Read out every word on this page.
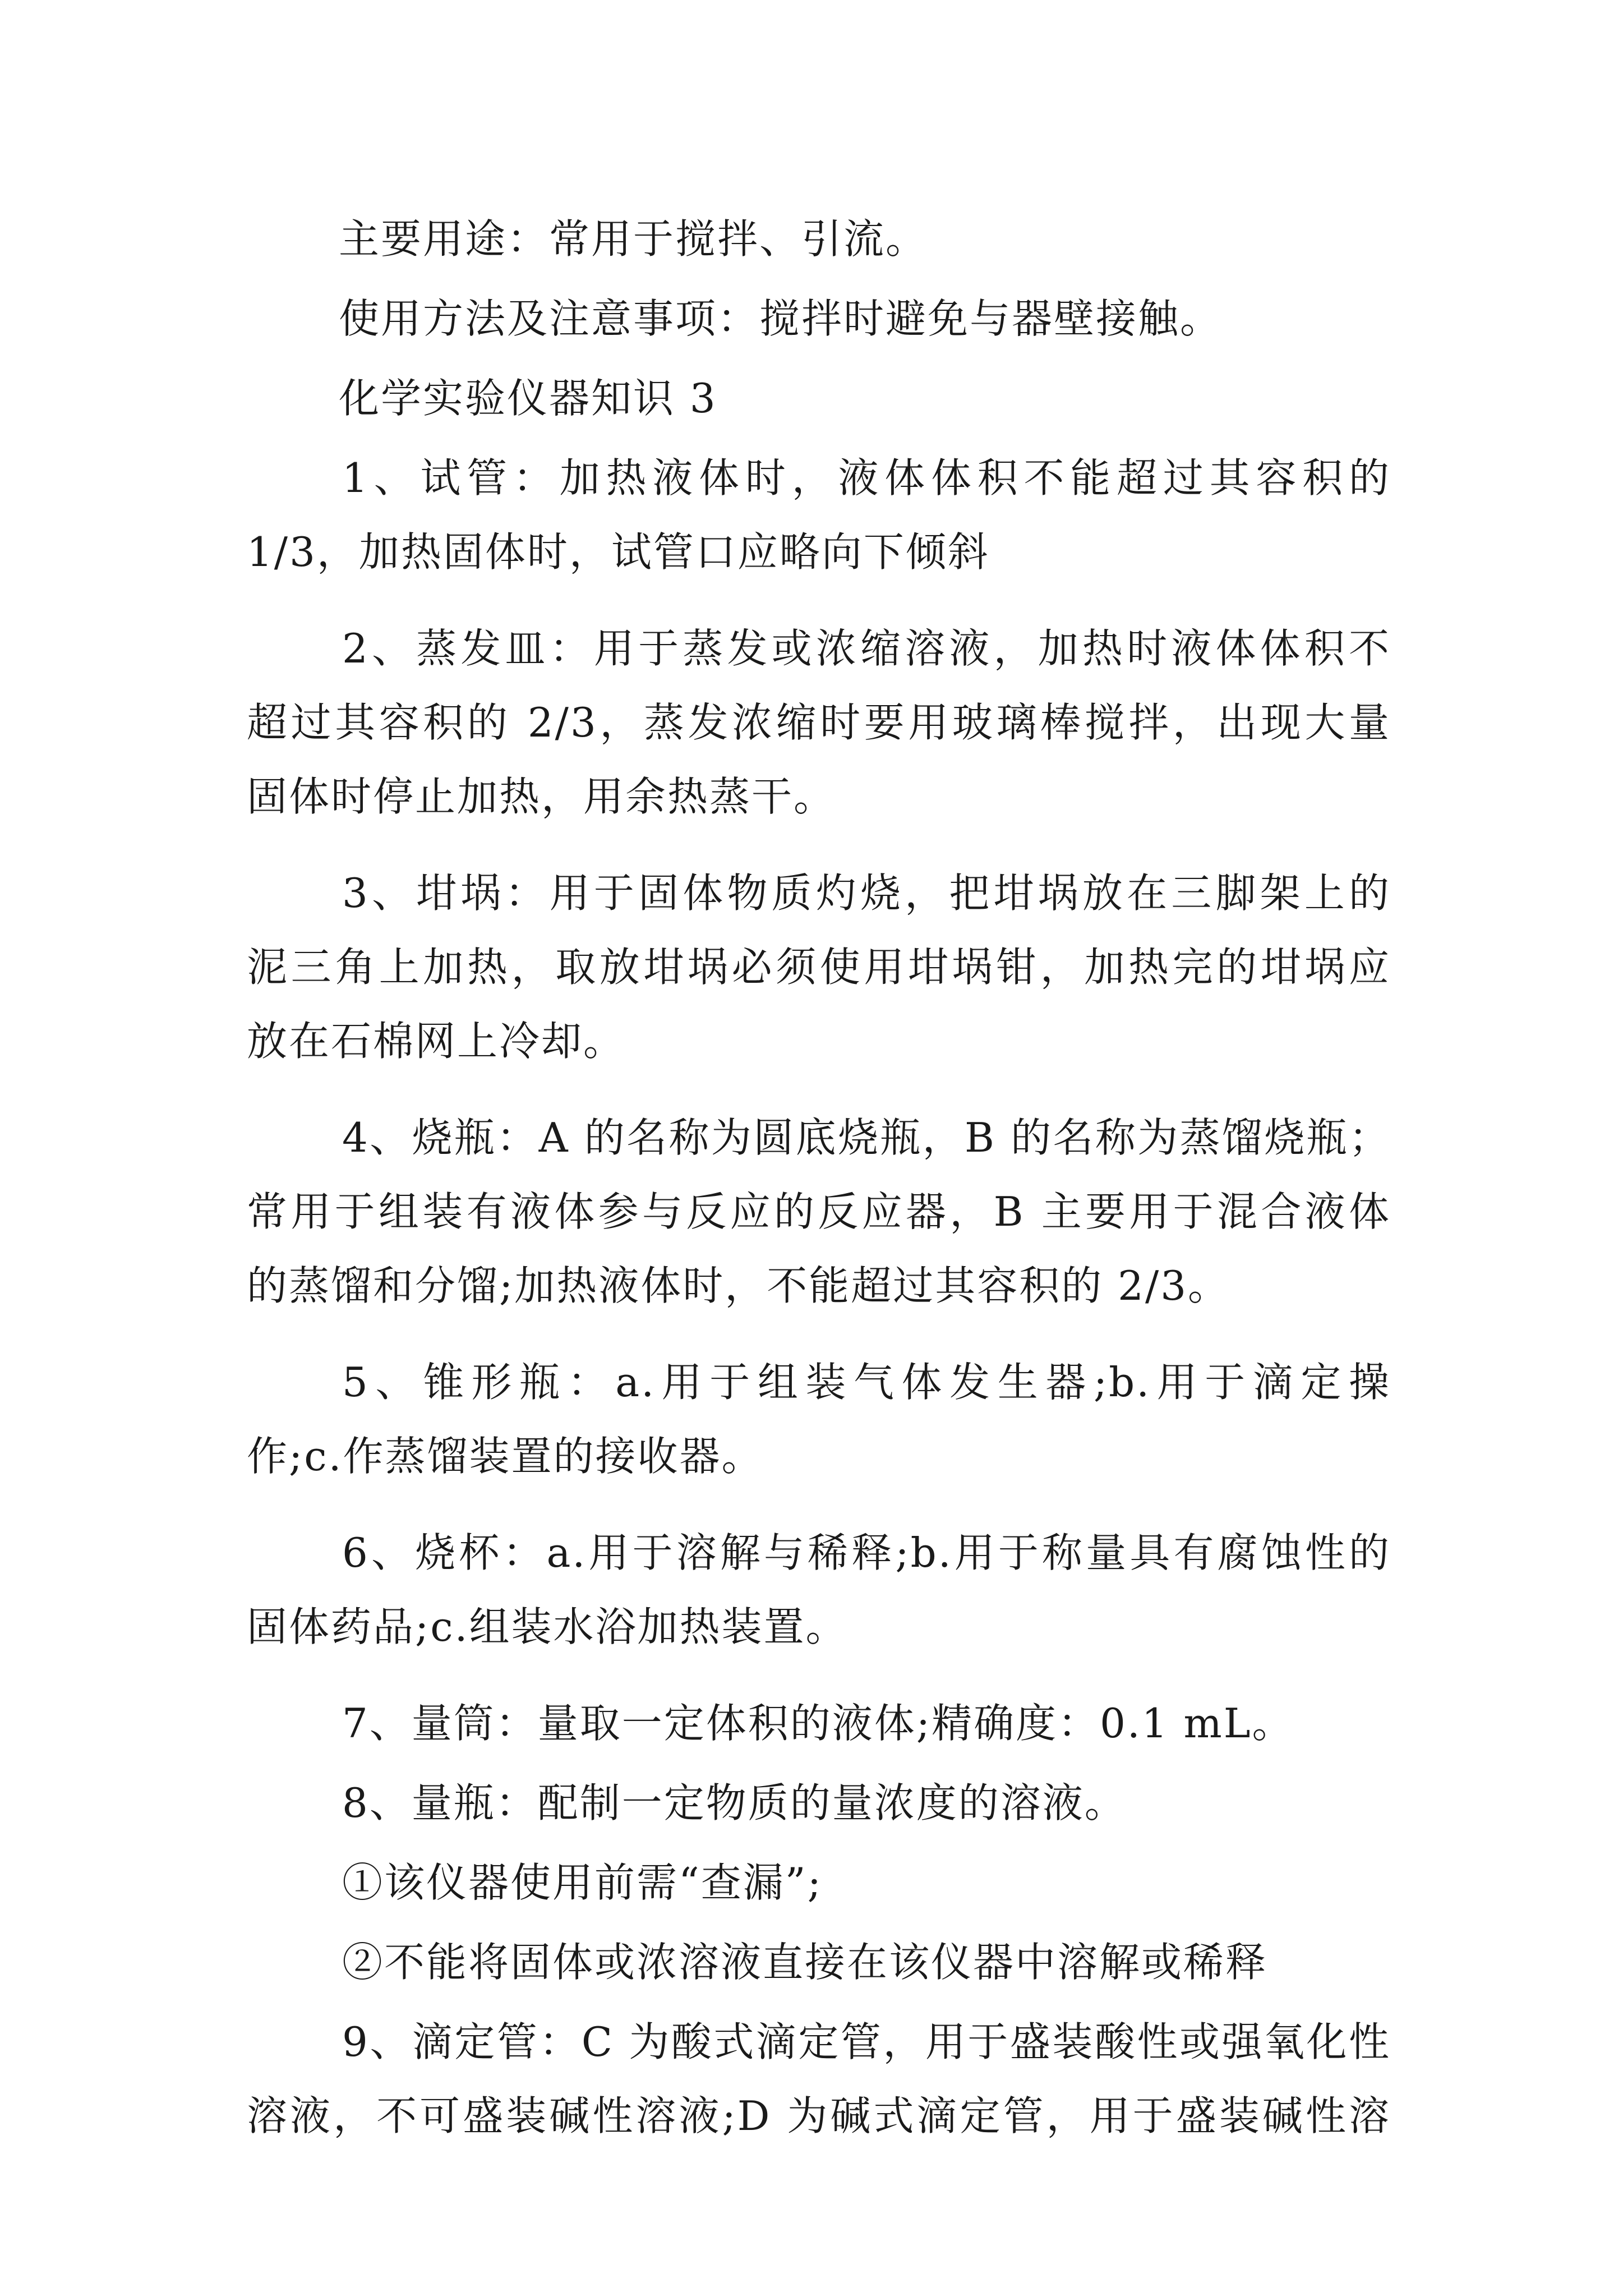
主要用途：常用于搅拌、引流。
使用方法及注意事项：搅拌时避免与器壁接触。
化学实验仪器知识 3
1、试管：加热液体时，液体体积不能超过其容积的
1/3，加热固体时，试管口应略向下倾斜
2、蒸发皿：用于蒸发或浓缩溶液，加热时液体体积不
超过其容积的 2/3，蒸发浓缩时要用玻璃棒搅拌，出现大量
固体时停止加热，用余热蒸干。
3、坩埚：用于固体物质灼烧，把坩埚放在三脚架上的
泥三角上加热，取放坩埚必须使用坩埚钳，加热完的坩埚应
放在石棉网上冷却。
4、烧瓶：A 的名称为圆底烧瓶，B 的名称为蒸馏烧瓶；
常用于组装有液体参与反应的反应器，B 主要用于混合液体
的蒸馏和分馏;加热液体时，不能超过其容积的 2/3。
5、锥形瓶：a.用于组装气体发生器;b.用于滴定操
作;c.作蒸馏装置的接收器。
6、烧杯：a.用于溶解与稀释;b.用于称量具有腐蚀性的
固体药品;c.组装水浴加热装置。
7、量筒：量取一定体积的液体;精确度：0.1 mL。
8、量瓶：配制一定物质的量浓度的溶液。
①该仪器使用前需“查漏”;
②不能将固体或浓溶液直接在该仪器中溶解或稀释
9、滴定管：C 为酸式滴定管，用于盛装酸性或强氧化性
溶液，不可盛装碱性溶液;D 为碱式滴定管，用于盛装碱性溶
